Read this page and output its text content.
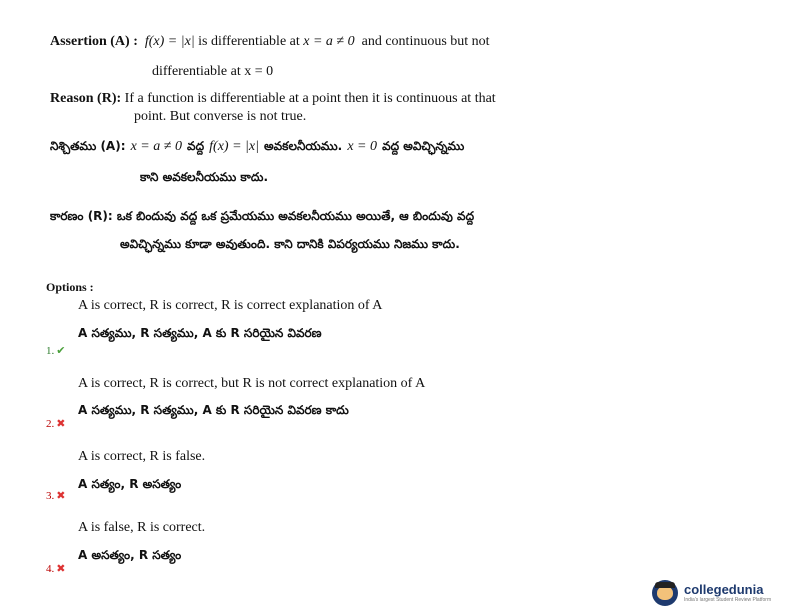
Assertion (A) : f(x) = |x| is differentiable at x = a ≠ 0 and continuous but not
differentiable at x = 0
Reason (R): If a function is differentiable at a point then it is continuous at that
point. But converse is not true.
నిశ్చితము (A): x = a ≠ 0 వద్ద f(x) = |x| అవకలనీయము. x = 0 వద్ద అవిచ్ఛిన్నము
కాని అవకలనీయము కాదు.
కారణం (R): ఒక బిందువు వద్ద ఒక ప్రమేయము అవకలనీయము అయితే, ఆ బిందువు వద్ద
అవిచ్ఛిన్నము కూడా అవుతుంది. కాని దానికి విపర్యయము నిజము కాదు.
Options :
A is correct, R is correct, R is correct explanation of A
A సత్యము, R సత్యము, A కు R సరియైన వివరణ
1. ✔
A is correct, R is correct, but R is not correct explanation of A
A సత్యము, R సత్యము, A కు R సరియైన వివరణ కాదు
2. ✖
A is correct, R is false.
A సత్యం, R అసత్యం
3. ✖
A is false, R is correct.
A అసత్యం, R సత్యం
4. ✖
collegedunia
India's largest Student Review Platform
